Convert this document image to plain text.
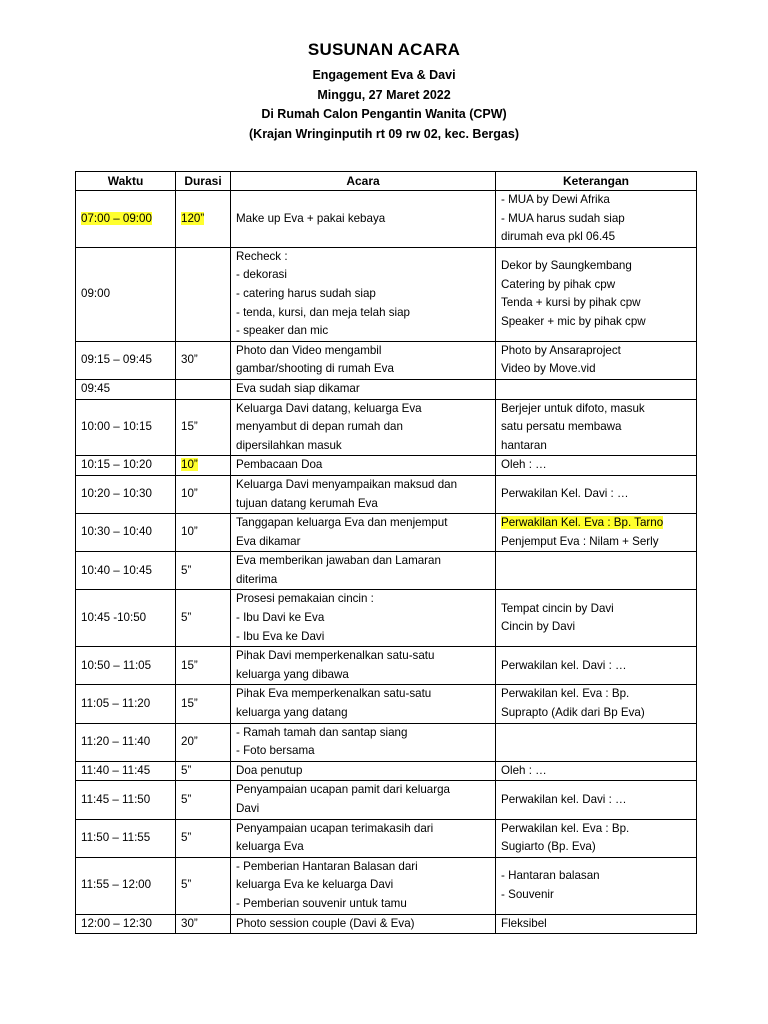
SUSUNAN ACARA
Engagement Eva & Davi
Minggu, 27 Maret 2022
Di Rumah Calon Pengantin Wanita (CPW)
(Krajan Wringinputih rt 09 rw 02, kec. Bergas)
Waktu	Durasi	Acara	Keterangan
07:00 – 09:00	120”	Make up Eva + pakai kebaya	- MUA by Dewi Afrika
- MUA harus sudah siap
dirumah eva pkl 06.45

09:00		Recheck :
- dekorasi
- catering harus sudah siap
- tenda, kursi, dan meja telah siap
- speaker dan mic	Dekor by Saungkembang
Catering by pihak cpw
Tenda + kursi by pihak cpw
Speaker + mic by pihak cpw

09:15 – 09:45	30”	Photo dan Video mengambil
gambar/shooting di rumah Eva	Photo by Ansaraproject
Video by Move.vid

09:45		Eva sudah siap dikamar	

10:00 – 10:15	15”	Keluarga Davi datang, keluarga Eva
menyambut di depan rumah dan
dipersilahkan masuk	Berjejer untuk difoto, masuk
satu persatu membawa
hantaran

10:15 – 10:20	10”	Pembacaan Doa	Oleh : …

10:20 – 10:30	10”	Keluarga Davi menyampaikan maksud dan
tujuan datang kerumah Eva	Perwakilan Kel. Davi : …

10:30 – 10:40	10”	Tanggapan keluarga Eva dan menjemput
Eva dikamar	Perwakilan Kel. Eva : Bp. Tarno
Penjemput Eva : Nilam + Serly

10:40 – 10:45	5”	Eva memberikan jawaban dan Lamaran
diterima	

10:45 -10:50	5”	Prosesi pemakaian cincin :
- Ibu Davi ke Eva
- Ibu Eva ke Davi	Tempat cincin by Davi
Cincin by Davi

10:50 – 11:05	15”	Pihak Davi memperkenalkan satu-satu
keluarga yang dibawa	Perwakilan kel. Davi : …

11:05 – 11:20	15”	Pihak Eva memperkenalkan satu-satu
keluarga yang datang	Perwakilan kel. Eva : Bp.
Suprapto (Adik dari Bp Eva)

11:20 – 11:40	20”	- Ramah tamah dan santap siang
- Foto bersama	

11:40 – 11:45	5”	Doa penutup	Oleh : …

11:45 – 11:50	5”	Penyampaian ucapan pamit dari keluarga
Davi	Perwakilan kel. Davi : …

11:50 – 11:55	5”	Penyampaian ucapan terimakasih dari
keluarga Eva	Perwakilan kel. Eva : Bp.
Sugiarto (Bp. Eva)

11:55 – 12:00	5”	- Pemberian Hantaran Balasan dari
keluarga Eva ke keluarga Davi
- Pemberian souvenir untuk tamu	- Hantaran balasan
- Souvenir

12:00 – 12:30	30”	Photo session couple (Davi & Eva)	Fleksibel
